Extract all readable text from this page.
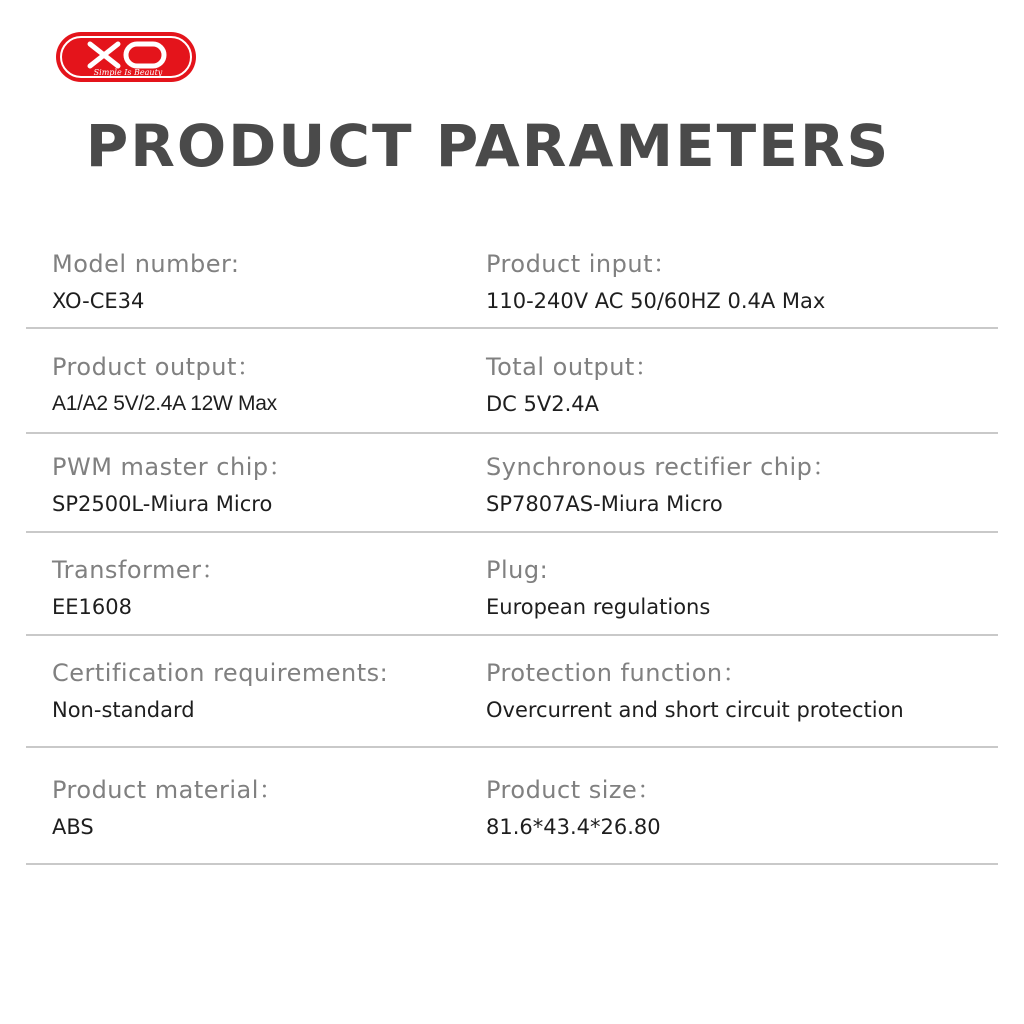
Simple Is Beauty
PRODUCT PARAMETERS
Model number:
XO-CE34
Product input：
110-240V AC 50/60HZ 0.4A Max
Product output：
A1/A2 5V/2.4A 12W Max
Total output：
DC 5V2.4A
PWM master chip：
SP2500L-Miura Micro
Synchronous rectifier chip：
SP7807AS-Miura Micro
Transformer：
EE1608
Plug:
European regulations
Certification requirements:
Non-standard
Protection function：
Overcurrent and short circuit protection
Product material：
ABS
Product size：
81.6*43.4*26.80
